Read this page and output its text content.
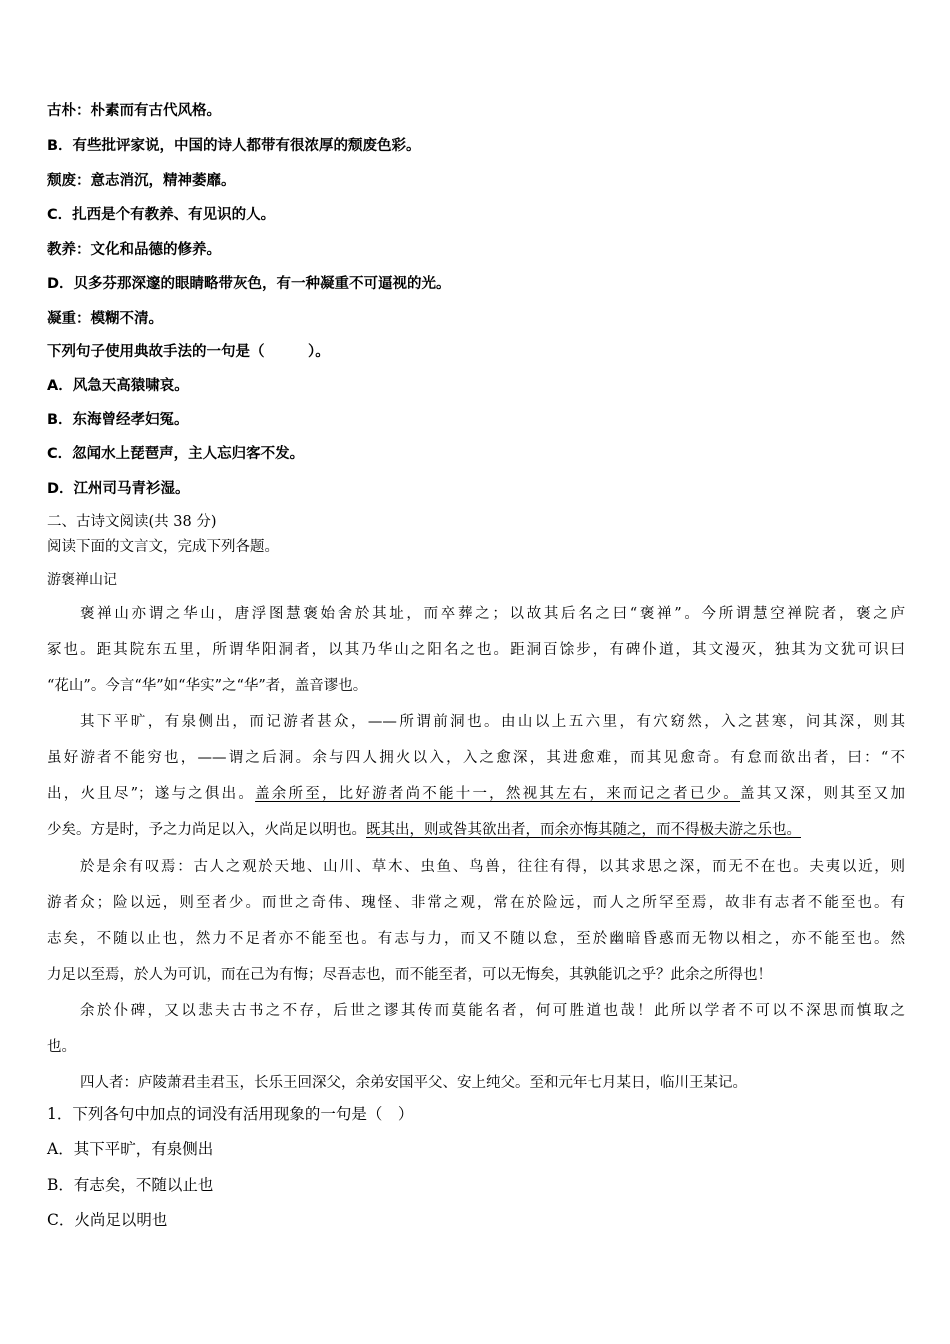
古朴：朴素而有古代风格。
B．有些批评家说，中国的诗人都带有很浓厚的颓废色彩。
颓废：意志消沉，精神萎靡。
C．扎西是个有教养、有见识的人。
教养：文化和品德的修养。
D．贝多芬那深邃的眼睛略带灰色，有一种凝重不可逼视的光。
凝重：模糊不清。
下列句子使用典故手法的一句是（　　　）。
A．风急天高猿啸哀。
B．东海曾经孝妇冤。
C．忽闻水上琵琶声，主人忘归客不发。
D．江州司马青衫湿。
二、古诗文阅读(共 38 分)
阅读下面的文言文，完成下列各题。
游褒禅山记
褒禅山亦谓之华山，唐浮图慧褒始舍於其址，而卒葬之；以故其后名之曰“褒禅”。今所谓慧空禅院者，褒之庐
冢也。距其院东五里，所谓华阳洞者，以其乃华山之阳名之也。距洞百馀步，有碑仆道，其文漫灭，独其为文犹可识曰
“花山”。今言“华”如“华实”之“华”者，盖音谬也。
其下平旷，有泉侧出，而记游者甚众，——所谓前洞也。由山以上五六里，有穴窈然，入之甚寒，问其深，则其
虽好游者不能穷也，——谓之后洞。余与四人拥火以入，入之愈深，其进愈难，而其见愈奇。有怠而欲出者，曰：“不
出，火且尽”；遂与之俱出。盖余所至，比好游者尚不能十一，然视其左右，来而记之者已少。盖其又深，则其至又加
少矣。方是时，予之力尚足以入，火尚足以明也。既其出，则或咎其欲出者，而余亦悔其随之，而不得极夫游之乐也。
於是余有叹焉：古人之观於天地、山川、草木、虫鱼、鸟兽，往往有得，以其求思之深，而无不在也。夫夷以近，则
游者众；险以远，则至者少。而世之奇伟、瑰怪、非常之观，常在於险远，而人之所罕至焉，故非有志者不能至也。有
志矣，不随以止也，然力不足者亦不能至也。有志与力，而又不随以怠，至於幽暗昏惑而无物以相之，亦不能至也。然
力足以至焉，於人为可讥，而在己为有悔；尽吾志也，而不能至者，可以无悔矣，其孰能讥之乎？此余之所得也！
余於仆碑，又以悲夫古书之不存，后世之谬其传而莫能名者，何可胜道也哉！此所以学者不可以不深思而慎取之
也。
四人者：庐陵萧君圭君玉，长乐王回深父，余弟安国平父、安上纯父。至和元年七月某日，临川王某记。
1．下列各句中加点的词没有活用现象的一句是（　）
A．其下平旷，有泉侧出
B．有志矣，不随以止也
C．火尚足以明也
